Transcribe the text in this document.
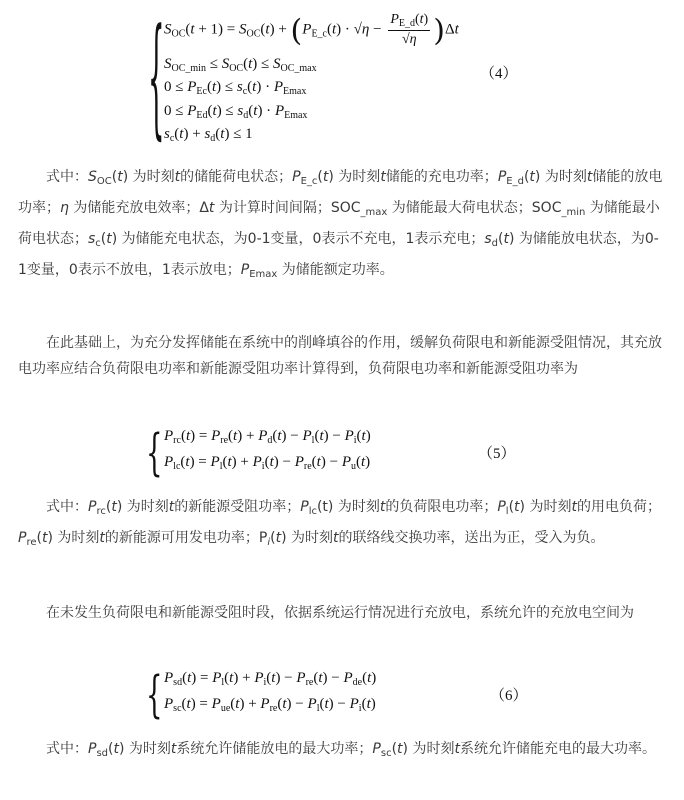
{ $S_{OC}(t + 1) = S_{OC}(t) + (P_{E\_c}(t) \cdot √\eta - \frac{P_{E\_d}(t)}{√\eta} )\Delta t$
$S_{OC\_min} \le S_{OC}(t) \le S_{OC\_max}$
$0 \le P_{Ec}(t) \le s_c(t) \cdot P_{Emax}$
$0 \le P_{Ed}(t) \le s_d(t) \cdot P_{Emax}$
$s_c(t) + s_d(t) \le 1$
（4）

式中：$S_{OC}(t)$ 为时刻t的储能荷电状态；$P_{E\_c}(t)$ 为时刻t储能的充电功率；$P_{E\_d}(t)$ 为时刻t储能的放电功率；η 为储能充放电效率；Δt 为计算时间间隔；$SOC_{\_max}$ 为储能最大荷电状态；$SOC_{\_min}$ 为储能最小荷电状态；$s_c(t)$ 为储能充电状态，为0-1变量，0表示不充电，1表示充电；$s_d(t)$ 为储能放电状态，为0-1变量，0表示不放电，1表示放电；$P_{Emax}$ 为储能额定功率。

在此基础上，为充分发挥储能在系统中的削峰填谷的作用，缓解负荷限电和新能源受阻情况，其充放电功率应结合负荷限电功率和新能源受阻功率计算得到，负荷限电功率和新能源受阻功率为

{ $P_{rc}(t) = P_{re}(t) + P_d(t) - P_l(t) - P_i(t)$
$P_{lc}(t) = P_l(t) + P_i(t) - P_{re}(t) - P_u(t)$	（5）

式中：$P_{rc}(t)$ 为时刻t的新能源受阻功率；$P_{lc}(t)$ 为时刻t的负荷限电功率；$P_l(t)$ 为时刻t的用电负荷；$P_{re}(t)$ 为时刻t的新能源可用发电功率；$P_i(t)$ 为时刻t的联络线交换功率，送出为正，受入为负。

在未发生负荷限电和新能源受阻时段，依据系统运行情况进行充放电，系统允许的充放电空间为

{ $P_{sd}(t) = P_l(t) + P_i(t) - P_{re}(t) - P_{de}(t)$
$P_{sc}(t) = P_{ue}(t) + P_{re}(t) - P_l(t) - P_i(t)$	（6）

式中：$P_{sd}(t)$ 为时刻t系统允许储能放电的最大功率；$P_{sc}(t)$ 为时刻t系统允许储能充电的最大功率。
